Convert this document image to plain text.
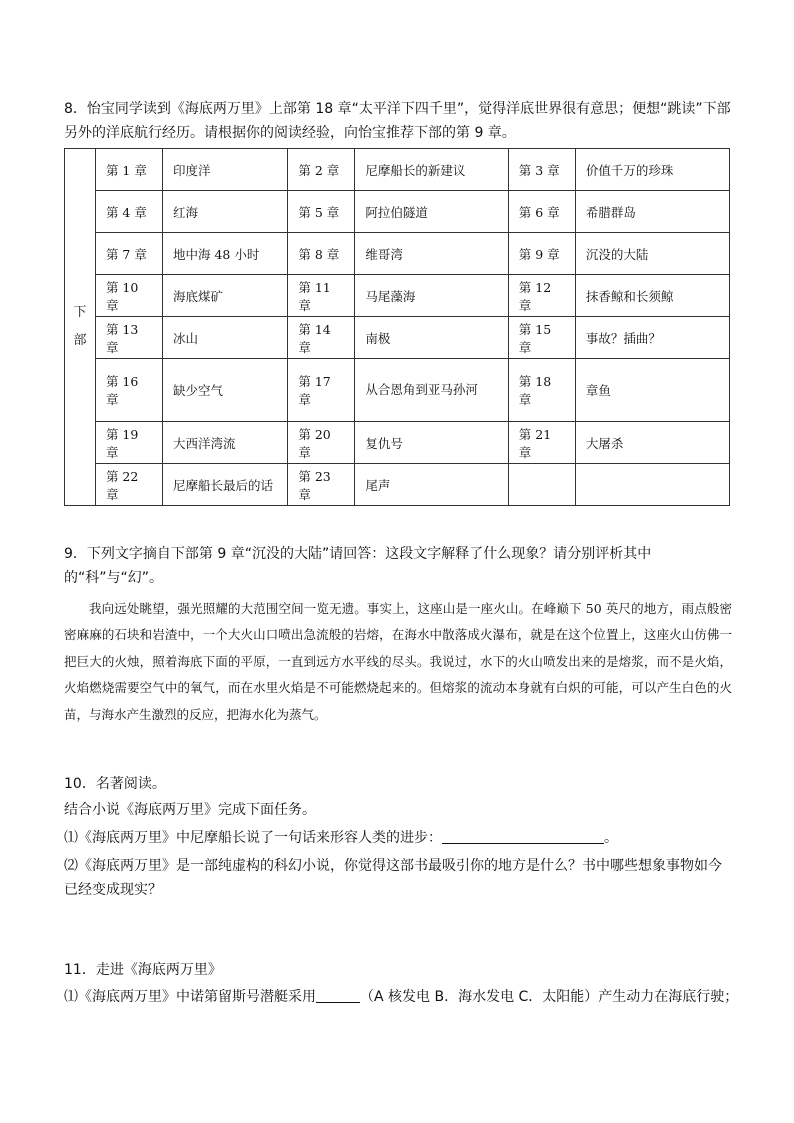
8．怡宝同学读到《海底两万里》上部第 18 章“太平洋下四千里”，觉得洋底世界很有意思；便想“跳读”下部另外的洋底航行经历。请根据你的阅读经验，向怡宝推荐下部的第 9 章。

下
部	第 1 章	印度洋	第 2 章	尼摩船长的新建议	第 3 章	价值千万的珍珠
	第 4 章	红海	第 5 章	阿拉伯隧道	第 6 章	希腊群岛
	第 7 章	地中海 48 小时	第 8 章	维哥湾	第 9 章	沉没的大陆
	第 10 章	海底煤矿	第 11 章	马尾藻海	第 12 章	抹香鲸和长须鲸
	第 13 章	冰山	第 14 章	南极	第 15 章	事故？插曲？
	第 16 章	缺少空气	第 17 章	从合恩角到亚马孙河	第 18 章	章鱼
	第 19 章	大西洋湾流	第 20 章	复仇号	第 21 章	大屠杀
	第 22 章	尼摩船长最后的话	第 23 章	尾声		

9．下列文字摘自下部第 9 章“沉没的大陆”请回答：这段文字解释了什么现象？请分别评析其中的“科”与“幻”。

我向远处眺望，强光照耀的大范围空间一览无遗。事实上，这座山是一座火山。在峰巅下 50 英尺的地方，雨点般密密麻麻的石块和岩渣中，一个大火山口喷出急流般的岩熔，在海水中散落成火瀑布，就是在这个位置上，这座火山仿佛一把巨大的火烛，照着海底下面的平原，一直到远方水平线的尽头。我说过，水下的火山喷发出来的是熔浆，而不是火焰，火焰燃烧需要空气中的氧气，而在水里火焰是不可能燃烧起来的。但熔浆的流动本身就有白炽的可能，可以产生白色的火苗，与海水产生激烈的反应，把海水化为蒸气。

10．名著阅读。

结合小说《海底两万里》完成下面任务。

⑴《海底两万里》中尼摩船长说了一句话来形容人类的进步：	。

⑵《海底两万里》是一部纯虚构的科幻小说，你觉得这部书最吸引你的地方是什么？书中哪些想象事物如今已经变成现实？

11．走进《海底两万里》

⑴《海底两万里》中诺第留斯号潜艇采用	（A 核发电 B．海水发电 C．太阳能）产生动力在海底行驶；
